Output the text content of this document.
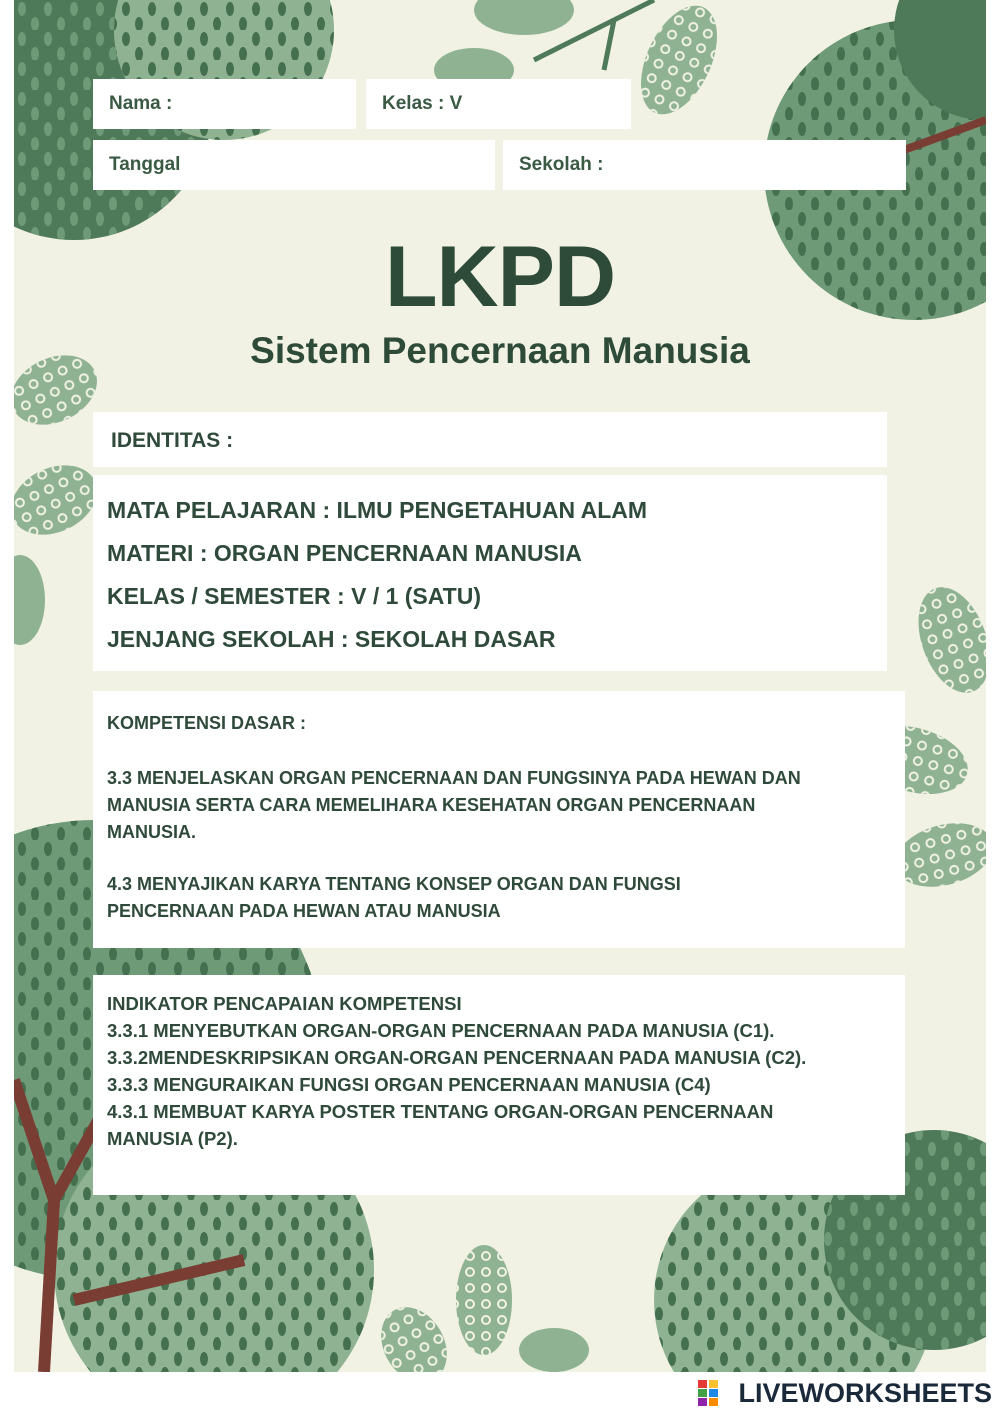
Nama :	Kelas : V
Tanggal	Sekolah :
LKPD
Sistem Pencernaan Manusia
IDENTITAS :
MATA PELAJARAN : ILMU PENGETAHUAN ALAM
MATERI : ORGAN PENCERNAAN MANUSIA
KELAS / SEMESTER : V / 1 (SATU)
JENJANG SEKOLAH : SEKOLAH DASAR
KOMPETENSI DASAR :
3.3 MENJELASKAN ORGAN PENCERNAAN DAN FUNGSINYA PADA HEWAN DAN
MANUSIA SERTA CARA MEMELIHARA KESEHATAN ORGAN PENCERNAAN
MANUSIA.
4.3 MENYAJIKAN KARYA TENTANG KONSEP ORGAN DAN FUNGSI
PENCERNAAN PADA HEWAN ATAU MANUSIA
INDIKATOR PENCAPAIAN KOMPETENSI
3.3.1 MENYEBUTKAN ORGAN-ORGAN PENCERNAAN PADA MANUSIA (C1).
3.3.2MENDESKRIPSIKAN ORGAN-ORGAN PENCERNAAN PADA MANUSIA (C2).
3.3.3 MENGURAIKAN FUNGSI ORGAN PENCERNAAN MANUSIA (C4)
4.3.1 MEMBUAT KARYA POSTER TENTANG ORGAN-ORGAN PENCERNAAN
MANUSIA (P2).
LIVEWORKSHEETS
